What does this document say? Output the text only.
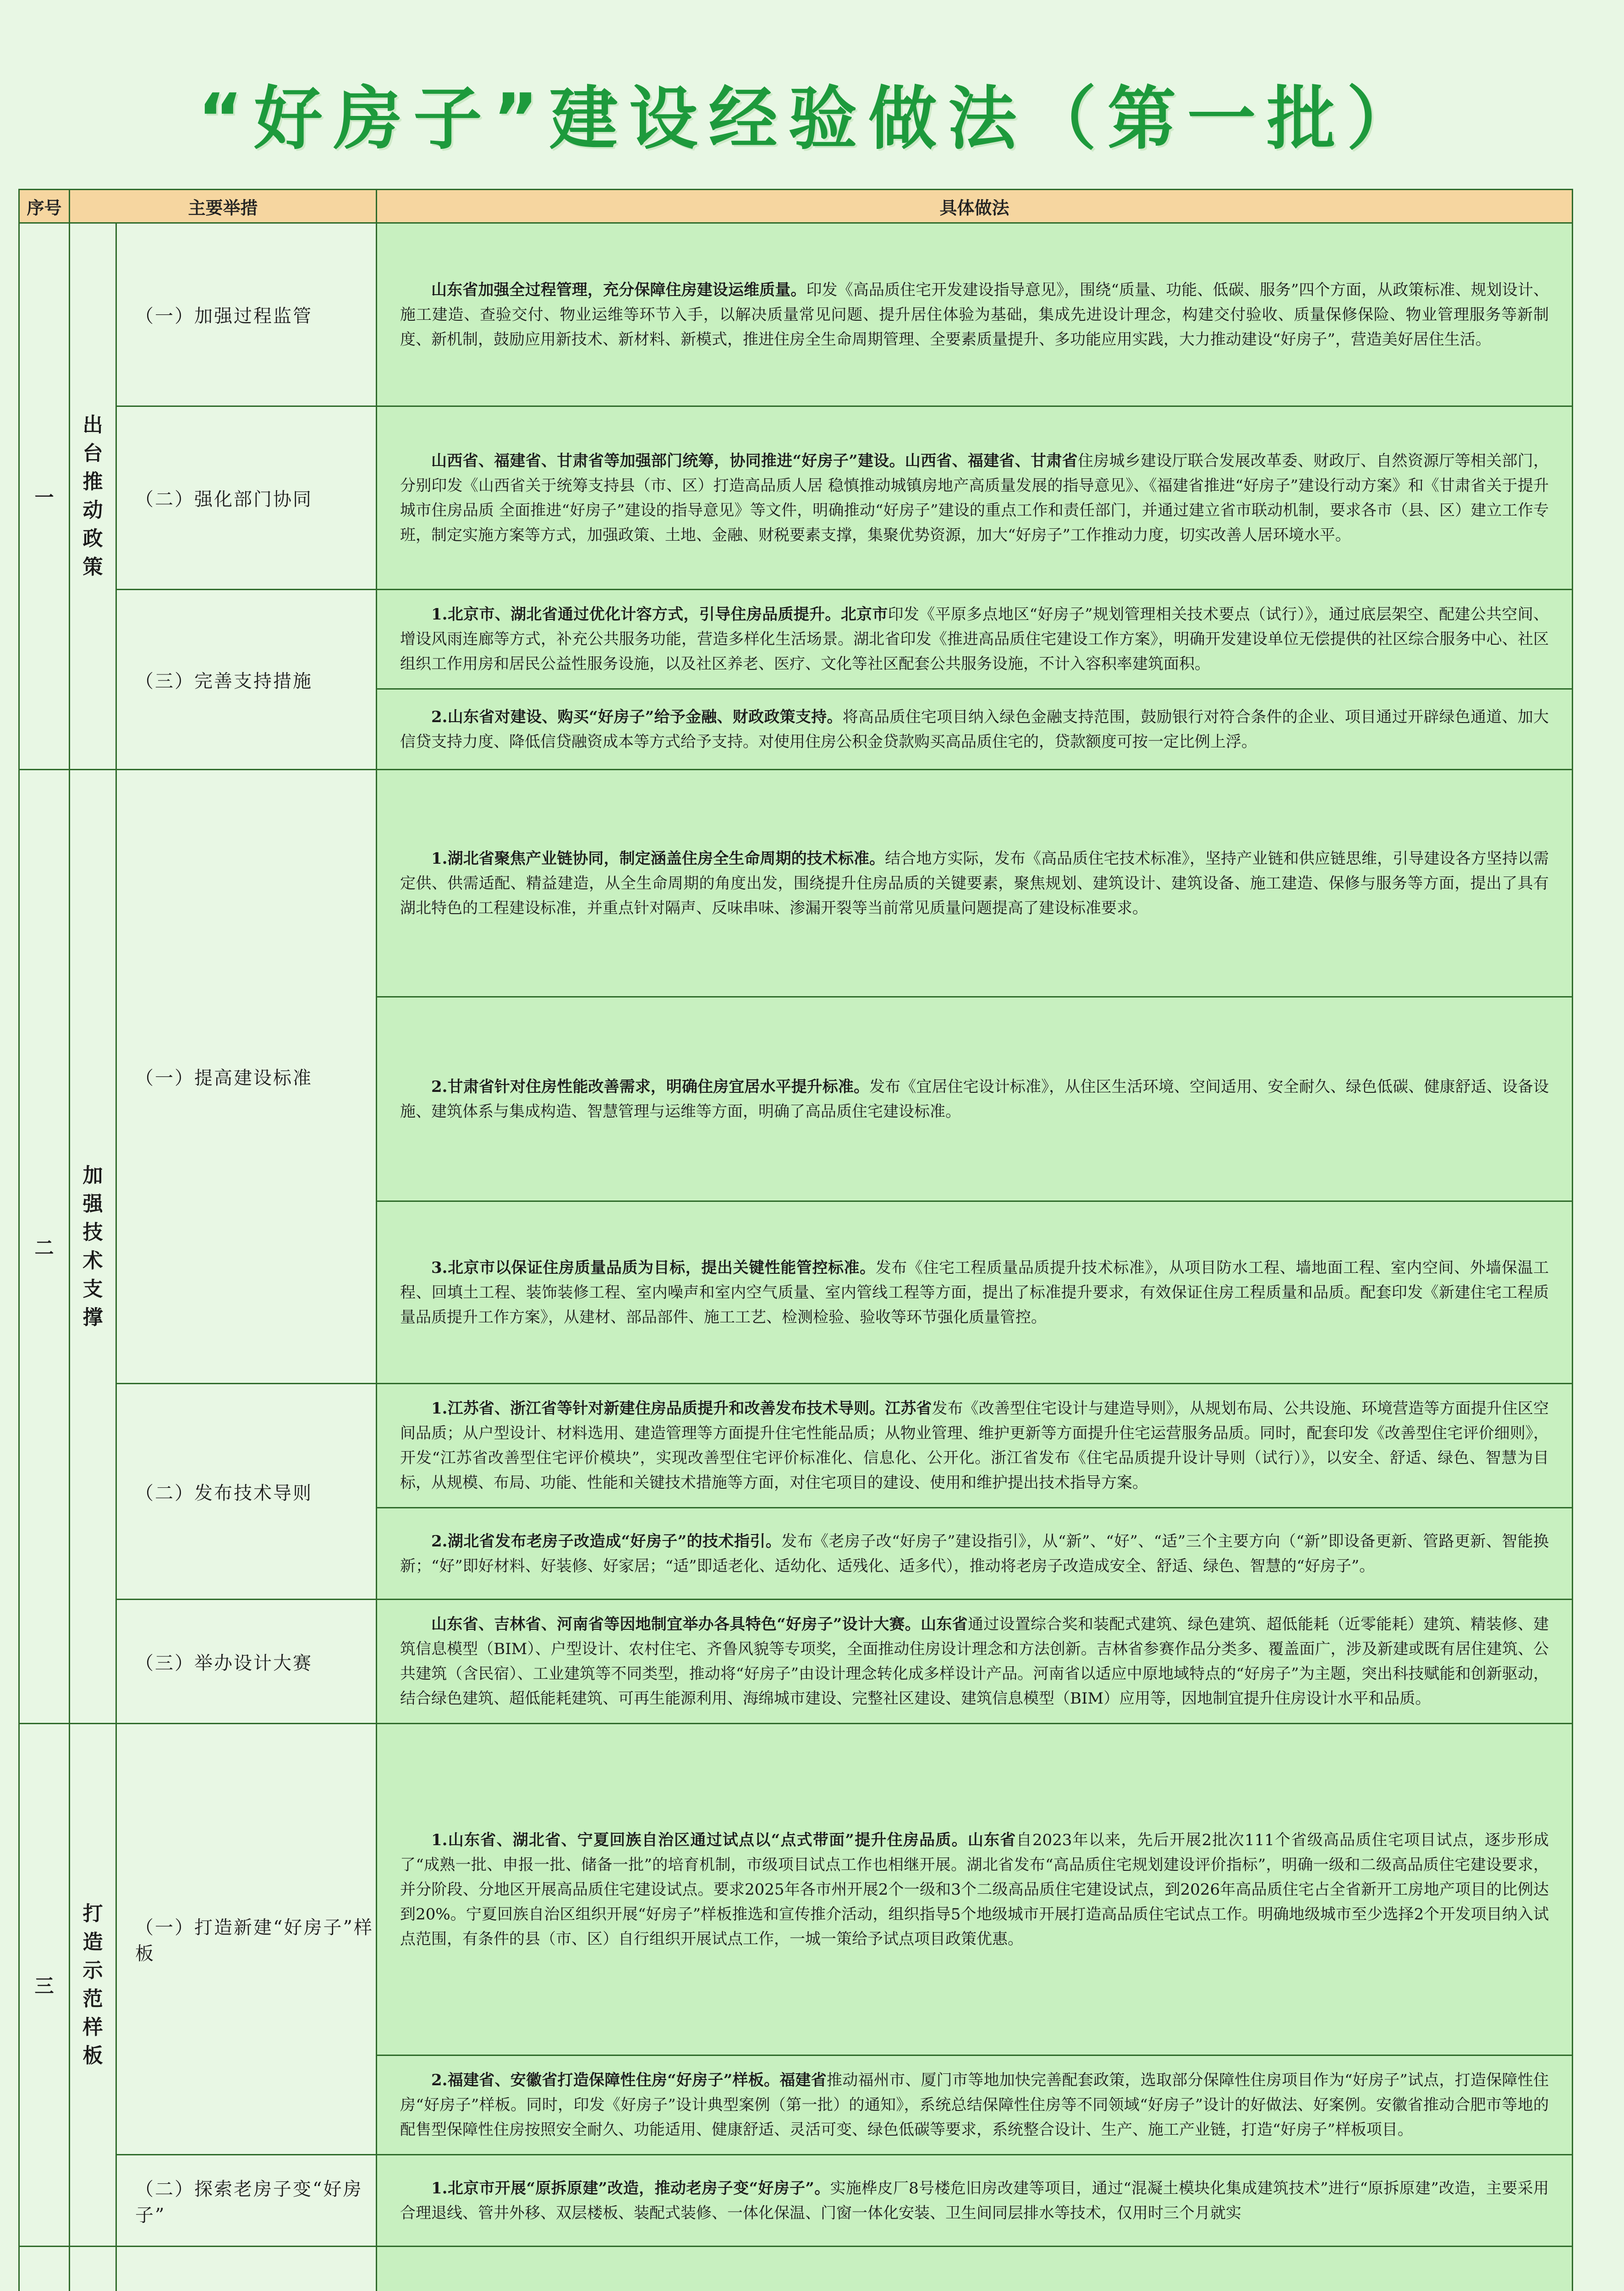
“好房子”建设经验做法（第一批）
序号	主要举措		具体做法
一	出台推动政策	（一）加强过程监管	山东省加强全过程管理，充分保障住房建设运维质量。印发《高品质住宅开发建设指导意见》，围绕“质量、功能、低碳、服务”四个方面，从政策标准、规划设计、施工建造、查验交付、物业运维等环节入手，以解决质量常见问题、提升居住体验为基础，集成先进设计理念，构建交付验收、质量保修保险、物业管理服务等新制度、新机制，鼓励应用新技术、新材料、新模式，推进住房全生命周期管理、全要素质量提升、多功能应用实践，大力推动建设“好房子”，营造美好居住生活。

		（二）强化部门协同	山西省、福建省、甘肃省等加强部门统筹，协同推进“好房子”建设。山西省、福建省、甘肃省住房城乡建设厅联合发展改革委、财政厅、自然资源厅等相关部门，分别印发《山西省关于统筹支持县（市、区）打造高品质人居 稳慎推动城镇房地产高质量发展的指导意见》、《福建省推进“好房子”建设行动方案》和《甘肃省关于提升城市住房品质 全面推进“好房子”建设的指导意见》等文件，明确推动“好房子”建设的重点工作和责任部门，并通过建立省市联动机制，要求各市（县、区）建立工作专班，制定实施方案等方式，加强政策、土地、金融、财税要素支撑，集聚优势资源，加大“好房子”工作推动力度，切实改善人居环境水平。

		（三）完善支持措施	1.北京市、湖北省通过优化计容方式，引导住房品质提升。北京市印发《平原多点地区“好房子”规划管理相关技术要点（试行）》，通过底层架空、配建公共空间、增设风雨连廊等方式，补充公共服务功能，营造多样化生活场景。湖北省印发《推进高品质住宅建设工作方案》，明确开发建设单位无偿提供的社区综合服务中心、社区组织工作用房和居民公益性服务设施，以及社区养老、医疗、文化等社区配套公共服务设施，不计入容积率建筑面积。

			2.山东省对建设、购买“好房子”给予金融、财政政策支持。将高品质住宅项目纳入绿色金融支持范围，鼓励银行对符合条件的企业、项目通过开辟绿色通道、加大信贷支持力度、降低信贷融资成本等方式给予支持。对使用住房公积金贷款购买高品质住宅的，贷款额度可按一定比例上浮。

二	加强技术支撑	（一）提高建设标准	1.湖北省聚焦产业链协同，制定涵盖住房全生命周期的技术标准。结合地方实际，发布《高品质住宅技术标准》，坚持产业链和供应链思维，引导建设各方坚持以需定供、供需适配、精益建造，从全生命周期的角度出发，围绕提升住房品质的关键要素，聚焦规划、建筑设计、建筑设备、施工建造、保修与服务等方面，提出了具有湖北特色的工程建设标准，并重点针对隔声、反味串味、渗漏开裂等当前常见质量问题提高了建设标准要求。

			2.甘肃省针对住房性能改善需求，明确住房宜居水平提升标准。发布《宜居住宅设计标准》，从住区生活环境、空间适用、安全耐久、绿色低碳、健康舒适、设备设施、建筑体系与集成构造、智慧管理与运维等方面，明确了高品质住宅建设标准。

			3.北京市以保证住房质量品质为目标，提出关键性能管控标准。发布《住宅工程质量品质提升技术标准》，从项目防水工程、墙地面工程、室内空间、外墙保温工程、回填土工程、装饰装修工程、室内噪声和室内空气质量、室内管线工程等方面，提出了标准提升要求，有效保证住房工程质量和品质。配套印发《新建住宅工程质量品质提升工作方案》，从建材、部品部件、施工工艺、检测检验、验收等环节强化质量管控。

		（二）发布技术导则	1.江苏省、浙江省等针对新建住房品质提升和改善发布技术导则。江苏省发布《改善型住宅设计与建造导则》，从规划布局、公共设施、环境营造等方面提升住区空间品质；从户型设计、材料选用、建造管理等方面提升住宅性能品质；从物业管理、维护更新等方面提升住宅运营服务品质。同时，配套印发《改善型住宅评价细则》，开发“江苏省改善型住宅评价模块”，实现改善型住宅评价标准化、信息化、公开化。浙江省发布《住宅品质提升设计导则（试行）》，以安全、舒适、绿色、智慧为目标，从规模、布局、功能、性能和关键技术措施等方面，对住宅项目的建设、使用和维护提出技术指导方案。

			2.湖北省发布老房子改造成“好房子”的技术指引。发布《老房子改“好房子”建设指引》，从“新”、“好”、“适”三个主要方向（“新”即设备更新、管路更新、智能换新；“好”即好材料、好装修、好家居；“适”即适老化、适幼化、适残化、适多代），推动将老房子改造成安全、舒适、绿色、智慧的“好房子”。

		（三）举办设计大赛	山东省、吉林省、河南省等因地制宜举办各具特色“好房子”设计大赛。山东省通过设置综合奖和装配式建筑、绿色建筑、超低能耗（近零能耗）建筑、精装修、建筑信息模型（BIM）、户型设计、农村住宅、齐鲁风貌等专项奖，全面推动住房设计理念和方法创新。吉林省参赛作品分类多、覆盖面广，涉及新建或既有居住建筑、公共建筑（含民宿）、工业建筑等不同类型，推动将“好房子”由设计理念转化成多样设计产品。河南省以适应中原地域特点的“好房子”为主题，突出科技赋能和创新驱动，结合绿色建筑、超低能耗建筑、可再生能源利用、海绵城市建设、完整社区建设、建筑信息模型（BIM）应用等，因地制宜提升住房设计水平和品质。

三	打造示范样板	（一）打造新建“好房子”样板	1.山东省、湖北省、宁夏回族自治区通过试点以“点式带面”提升住房品质。山东省自2023年以来，先后开展2批次111个省级高品质住宅项目试点，逐步形成了“成熟一批、申报一批、储备一批”的培育机制，市级项目试点工作也相继开展。湖北省发布“高品质住宅规划建设评价指标”，明确一级和二级高品质住宅建设要求，并分阶段、分地区开展高品质住宅建设试点。要求2025年各市州开展2个一级和3个二级高品质住宅建设试点，到2026年高品质住宅占全省新开工房地产项目的比例达到20%。宁夏回族自治区组织开展“好房子”样板推选和宣传推介活动，组织指导5个地级城市开展打造高品质住宅试点工作。明确地级城市至少选择2个开发项目纳入试点范围，有条件的县（市、区）自行组织开展试点工作，一城一策给予试点项目政策优惠。

			2.福建省、安徽省打造保障性住房“好房子”样板。福建省推动福州市、厦门市等地加快完善配套政策，选取部分保障性住房项目作为“好房子”试点，打造保障性住房“好房子”样板。同时，印发《好房子”设计典型案例（第一批）的通知》，系统总结保障性住房等不同领域“好房子”设计的好做法、好案例。安徽省推动合肥市等地的配售型保障性住房按照安全耐久、功能适用、健康舒适、灵活可变、绿色低碳等要求，系统整合设计、生产、施工产业链，打造“好房子”样板项目。

		（二）探索老房子变“好房子”	1.北京市开展“原拆原建”改造，推动老房子变“好房子”。实施桦皮厂8号楼危旧房改建等项目，通过“混凝土模块化集成建筑技术”进行“原拆原建”改造，主要采用合理退线、管井外移、双层楼板、装配式装修、一体化保温、门窗一体化安装、卫生间同层排水等技术，仅用时三个月就实
